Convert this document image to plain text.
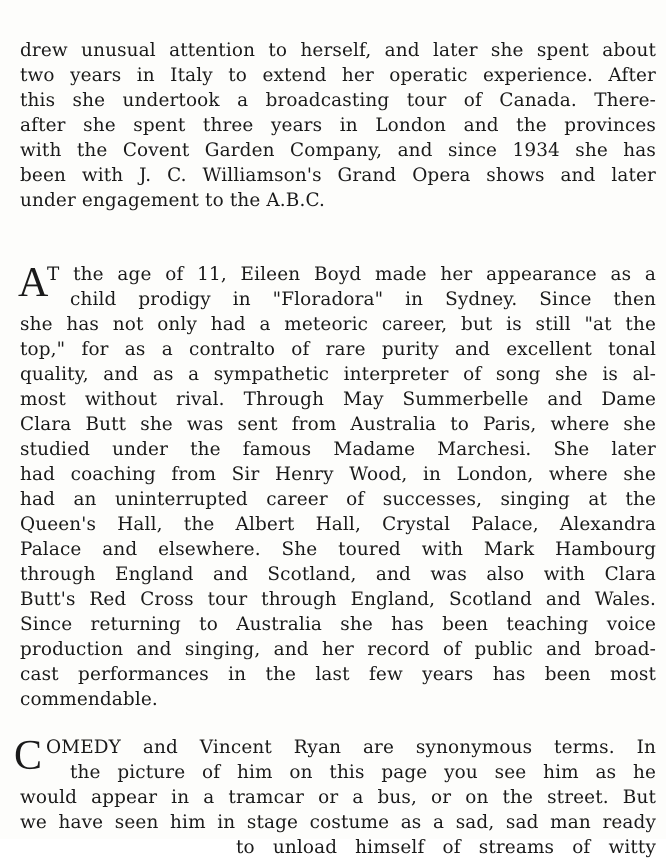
drew unusual attention to herself, and later she spent about
two years in Italy to extend her operatic experience. After
this she undertook a broadcasting tour of Canada. There-
after she spent three years in London and the provinces
with the Covent Garden Company, and since 1934 she has
been with J. C. Williamson's Grand Opera shows and later
under engagement to the A.B.C.
A
T the age of 11, Eileen Boyd made her appearance as a
child prodigy in "Floradora" in Sydney. Since then
she has not only had a meteoric career, but is still "at the
top," for as a contralto of rare purity and excellent tonal
quality, and as a sympathetic interpreter of song she is al-
most without rival. Through May Summerbelle and Dame
Clara Butt she was sent from Australia to Paris, where she
studied under the famous Madame Marchesi. She later
had coaching from Sir Henry Wood, in London, where she
had an uninterrupted career of successes, singing at the
Queen's Hall, the Albert Hall, Crystal Palace, Alexandra
Palace and elsewhere. She toured with Mark Hambourg
through England and Scotland, and was also with Clara
Butt's Red Cross tour through England, Scotland and Wales.
Since returning to Australia she has been teaching voice
production and singing, and her record of public and broad-
cast performances in the last few years has been most
commendable.
C OMEDY and Vincent Ryan are synonymous terms. In
the picture of him on this page you see him as he
would appear in a tramcar or a bus, or on the street. But
we have seen him in stage costume as a sad, sad man ready
to unload himself of streams of witty
